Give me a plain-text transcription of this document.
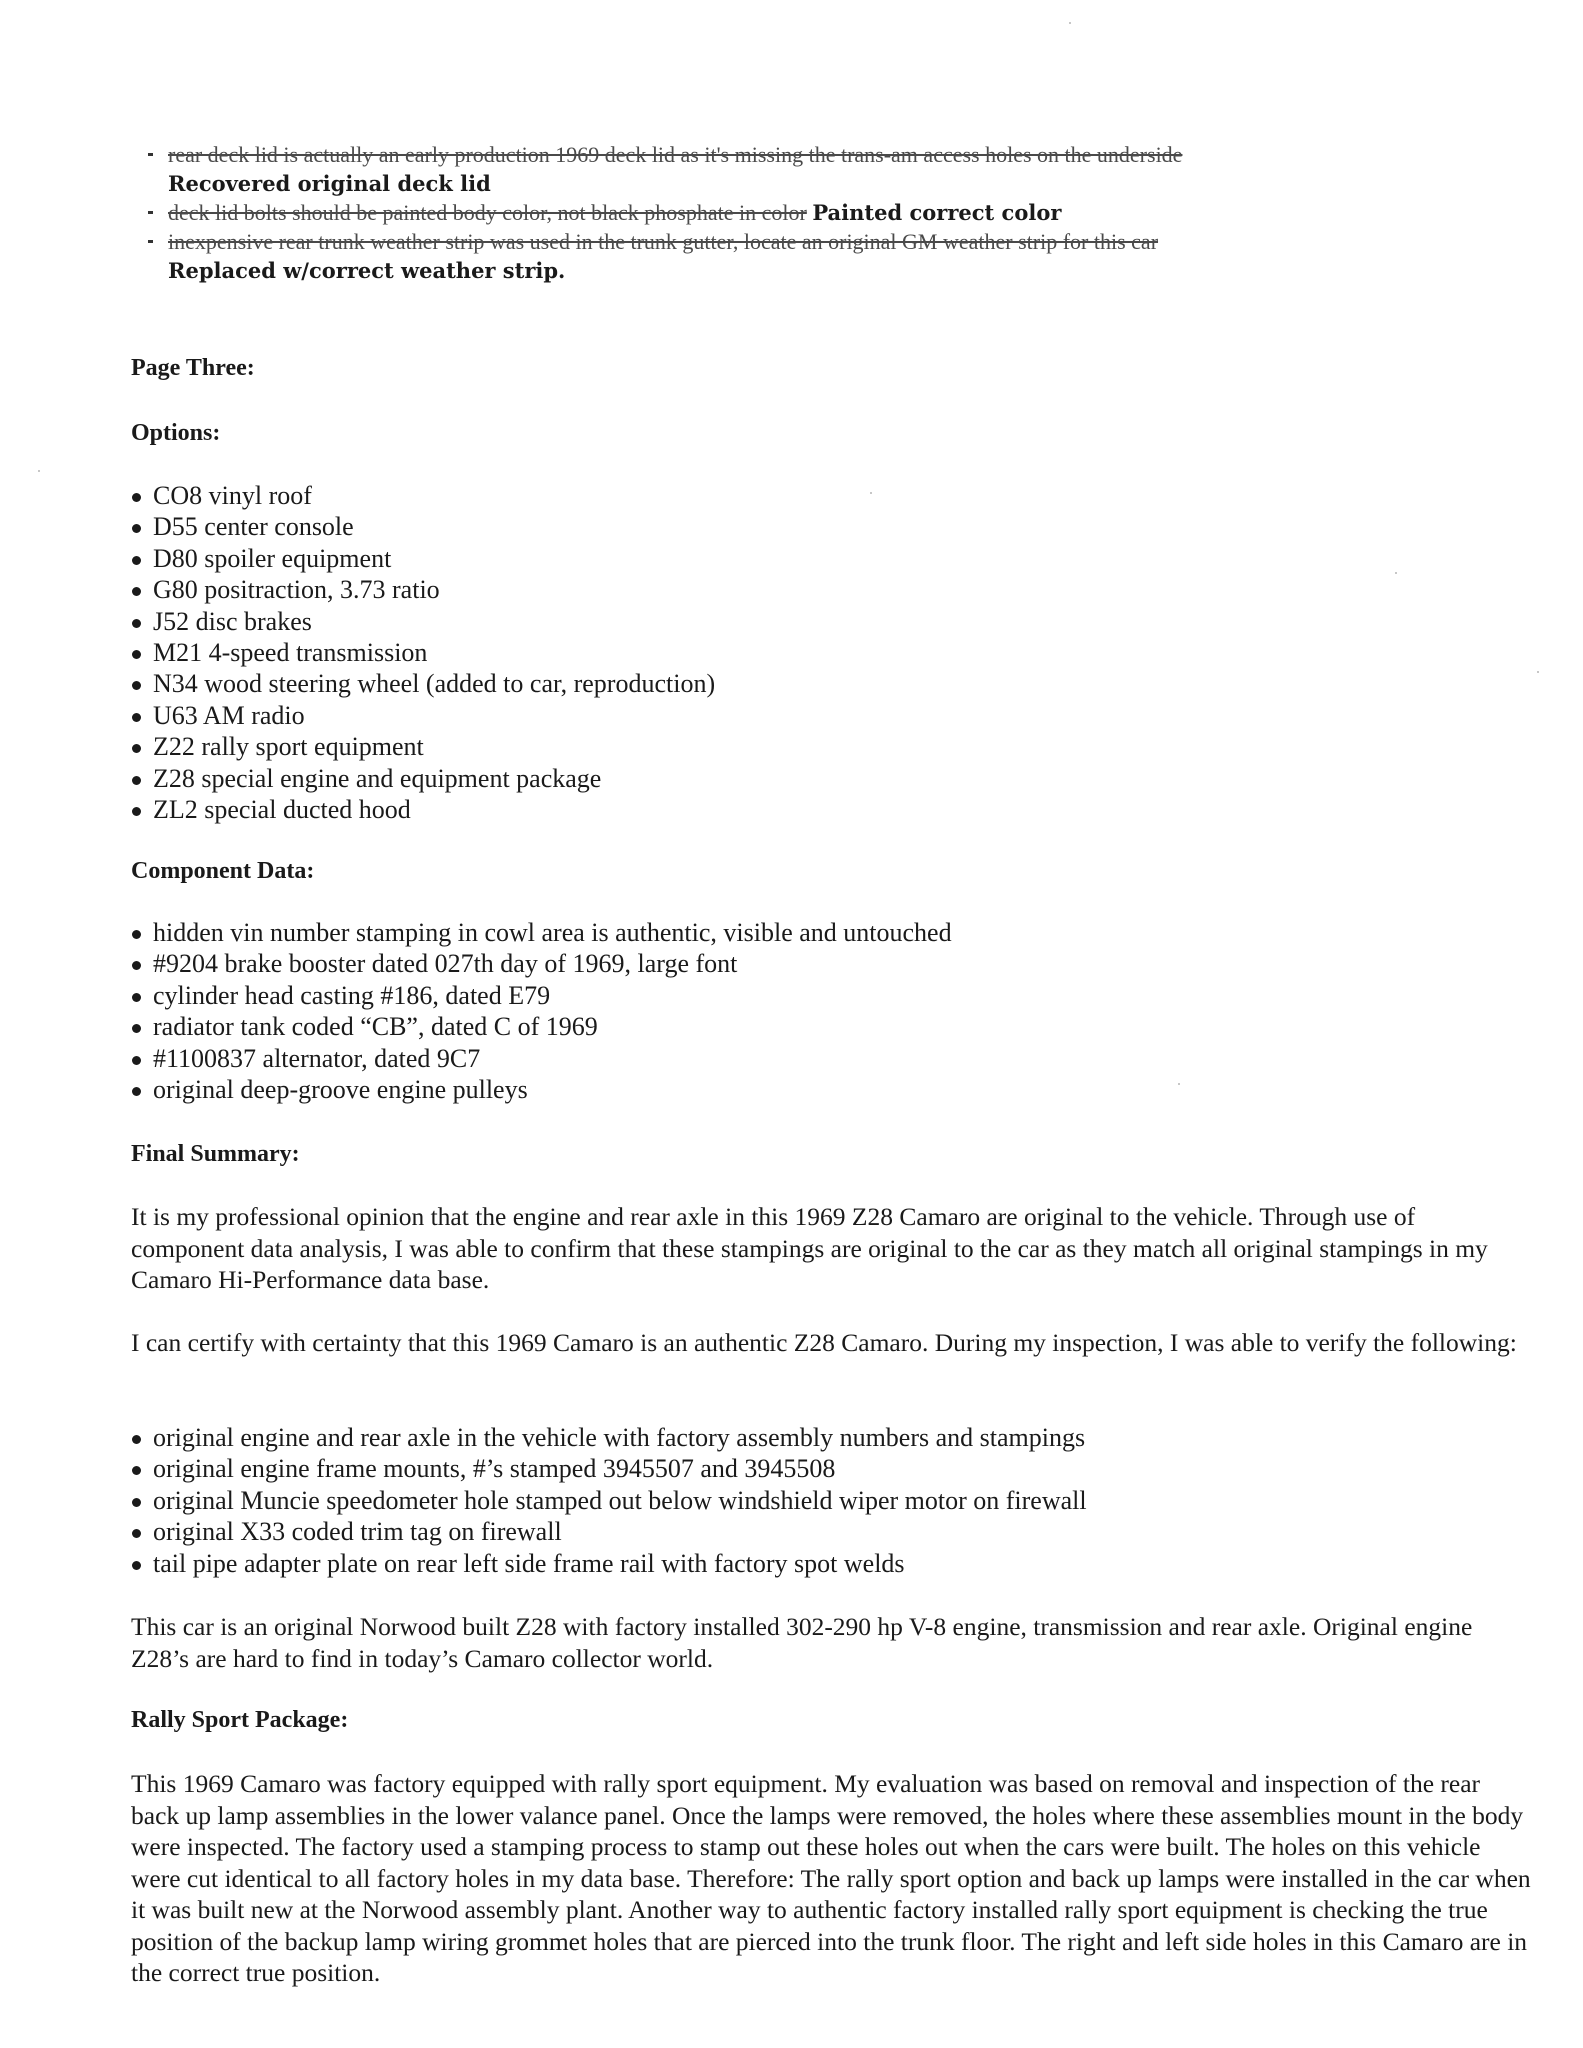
rear deck lid is actually an early production 1969 deck lid as it's missing the trans-am access holes on the underside
Recovered original deck lid
deck lid bolts should be painted body color, not black phosphate in color Painted correct color
inexpensive rear trunk weather strip was used in the trunk gutter, locate an original GM weather strip for this car
Replaced w/correct weather strip.
Page Three:
Options:
CO8 vinyl roof
D55 center console
D80 spoiler equipment
G80 positraction, 3.73 ratio
J52 disc brakes
M21 4-speed transmission
N34 wood steering wheel (added to car, reproduction)
U63 AM radio
Z22 rally sport equipment
Z28 special engine and equipment package
ZL2 special ducted hood
Component Data:
hidden vin number stamping in cowl area is authentic, visible and untouched
#9204 brake booster dated 027th day of 1969, large font
cylinder head casting #186, dated E79
radiator tank coded “CB”, dated C of 1969
#1100837 alternator, dated 9C7
original deep-groove engine pulleys
Final Summary:

It is my professional opinion that the engine and rear axle in this 1969 Z28 Camaro are original to the vehicle. Through use of component data analysis, I was able to confirm that these stampings are original to the car as they match all original stampings in my Camaro Hi-Performance data base.

I can certify with certainty that this 1969 Camaro is an authentic Z28 Camaro. During my inspection, I was able to verify the following:

original engine and rear axle in the vehicle with factory assembly numbers and stampings
original engine frame mounts, #’s stamped 3945507 and 3945508
original Muncie speedometer hole stamped out below windshield wiper motor on firewall
original X33 coded trim tag on firewall
tail pipe adapter plate on rear left side frame rail with factory spot welds

This car is an original Norwood built Z28 with factory installed 302-290 hp V-8 engine, transmission and rear axle. Original engine Z28’s are hard to find in today’s Camaro collector world.

Rally Sport Package:

This 1969 Camaro was factory equipped with rally sport equipment. My evaluation was based on removal and inspection of the rear back up lamp assemblies in the lower valance panel. Once the lamps were removed, the holes where these assemblies mount in the body were inspected. The factory used a stamping process to stamp out these holes out when the cars were built. The holes on this vehicle were cut identical to all factory holes in my data base. Therefore: The rally sport option and back up lamps were installed in the car when it was built new at the Norwood assembly plant. Another way to authentic factory installed rally sport equipment is checking the true position of the backup lamp wiring grommet holes that are pierced into the trunk floor. The right and left side holes in this Camaro are in the correct true position.
